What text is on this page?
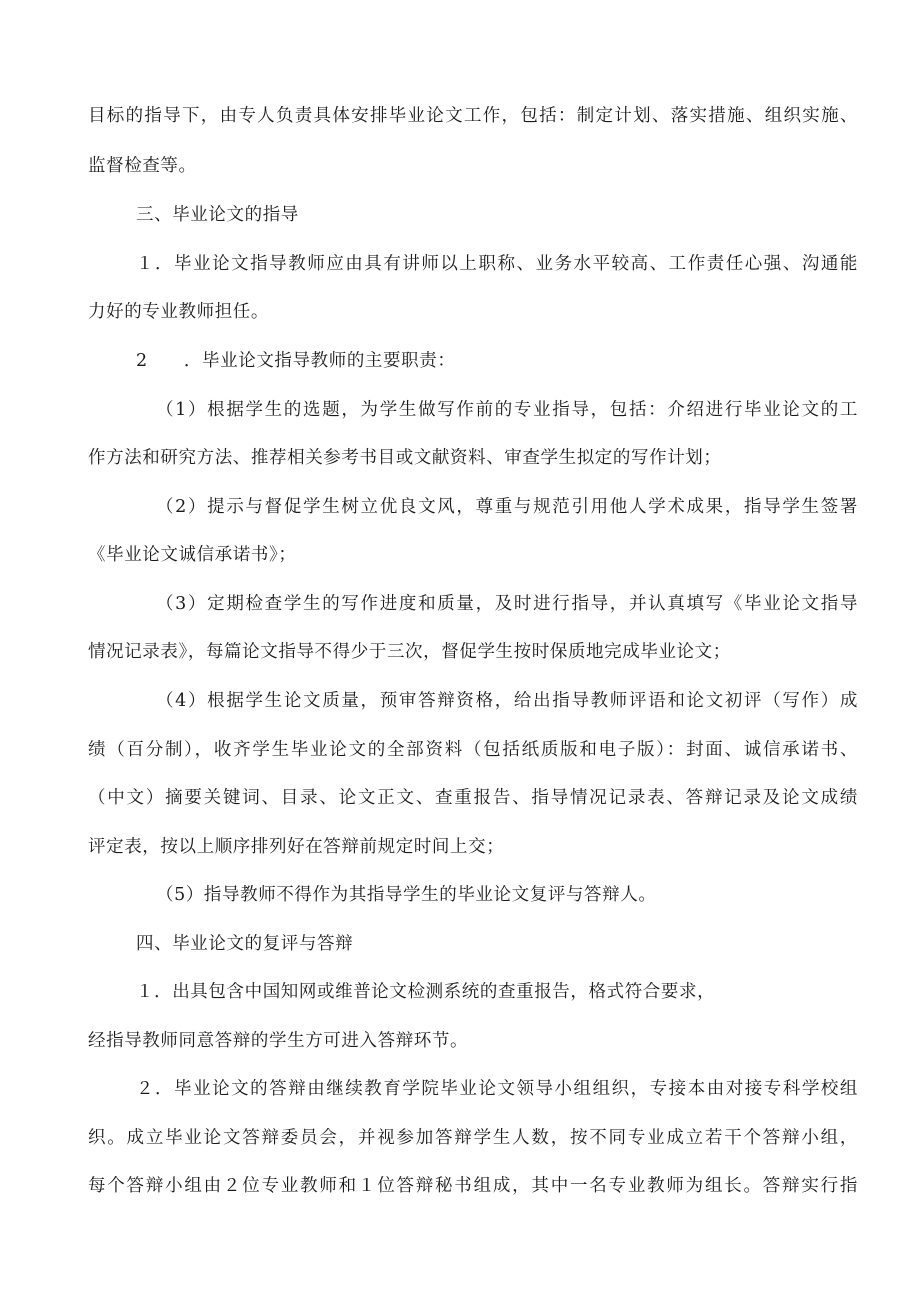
目标的指导下，由专人负责具体安排毕业论文工作，包括：制定计划、落实措施、组织实施、
监督检查等。
三、毕业论文的指导
１．毕业论文指导教师应由具有讲师以上职称、业务水平较高、工作责任心强、沟通能
力好的专业教师担任。
2　　．毕业论文指导教师的主要职责：
（1）根据学生的选题，为学生做写作前的专业指导，包括：介绍进行毕业论文的工
作方法和研究方法、推荐相关参考书目或文献资料、审查学生拟定的写作计划；
（2）提示与督促学生树立优良文风，尊重与规范引用他人学术成果，指导学生签署
《毕业论文诚信承诺书》；
（3）定期检查学生的写作进度和质量，及时进行指导，并认真填写《毕业论文指导
情况记录表》，每篇论文指导不得少于三次，督促学生按时保质地完成毕业论文；
（4）根据学生论文质量，预审答辩资格，给出指导教师评语和论文初评（写作）成
绩（百分制），收齐学生毕业论文的全部资料（包括纸质版和电子版）：封面、诚信承诺书、
（中文）摘要关键词、目录、论文正文、查重报告、指导情况记录表、答辩记录及论文成绩
评定表，按以上顺序排列好在答辩前规定时间上交；
（5）指导教师不得作为其指导学生的毕业论文复评与答辩人。
四、毕业论文的复评与答辩
１．出具包含中国知网或维普论文检测系统的查重报告，格式符合要求，
经指导教师同意答辩的学生方可进入答辩环节。
２．毕业论文的答辩由继续教育学院毕业论文领导小组组织，专接本由对接专科学校组
织。成立毕业论文答辩委员会，并视参加答辩学生人数，按不同专业成立若干个答辩小组，
每个答辩小组由２位专业教师和１位答辩秘书组成，其中一名专业教师为组长。答辩实行指
